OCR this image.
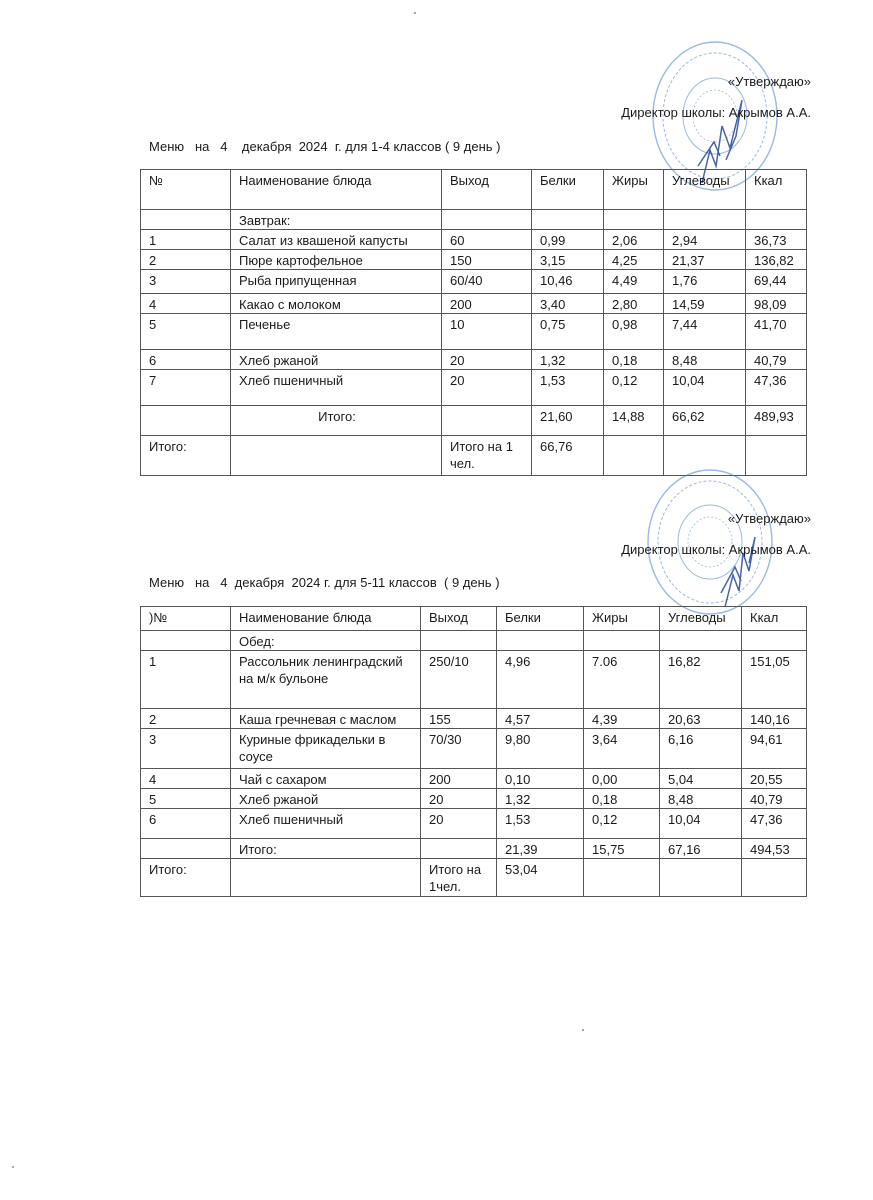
«Утверждаю»
Директор школы: Акрымов А.А.
Меню   на   4    декабря  2024  г. для 1-4 классов ( 9 день )
№	Наименование блюда	Выход	Белки	Жиры	Углеводы	Ккал
	Завтрак:					
1	Салат из квашеной капусты	60	0,99	2,06	2,94	36,73
2	Пюре картофельное	150	3,15	4,25	21,37	136,82
3	Рыба припущенная	60/40	10,46	4,49	1,76	69,44
4	Какао с молоком	200	3,40	2,80	14,59	98,09
5	Печенье	10	0,75	0,98	7,44	41,70
6	Хлеб ржаной	20	1,32	0,18	8,48	40,79
7	Хлеб пшеничный	20	1,53	0,12	10,04	47,36
	Итого:		21,60	14,88	66,62	489,93
Итого:		Итого на 1 чел.	66,76			
«Утверждаю»
Директор школы: Акрымов А.А.
Меню   на   4  декабря  2024 г. для 5-11 классов  ( 9 день )
)№	Наименование блюда	Выход	Белки	Жиры	Углеводы	Ккал
	Обед:					
1	Рассольник ленинградский на м/к бульоне	250/10	4,96	7.06	16,82	151,05
2	Каша гречневая с маслом	155	4,57	4,39	20,63	140,16
3	Куриные фрикадельки в соусе	70/30	9,80	3,64	6,16	94,61
4	Чай с сахаром	200	0,10	0,00	5,04	20,55
5	Хлеб ржаной	20	1,32	0,18	8,48	40,79
6	Хлеб пшеничный	20	1,53	0,12	10,04	47,36
	Итого:		21,39	15,75	67,16	494,53
Итого:		Итого на 1чел.	53,04			
